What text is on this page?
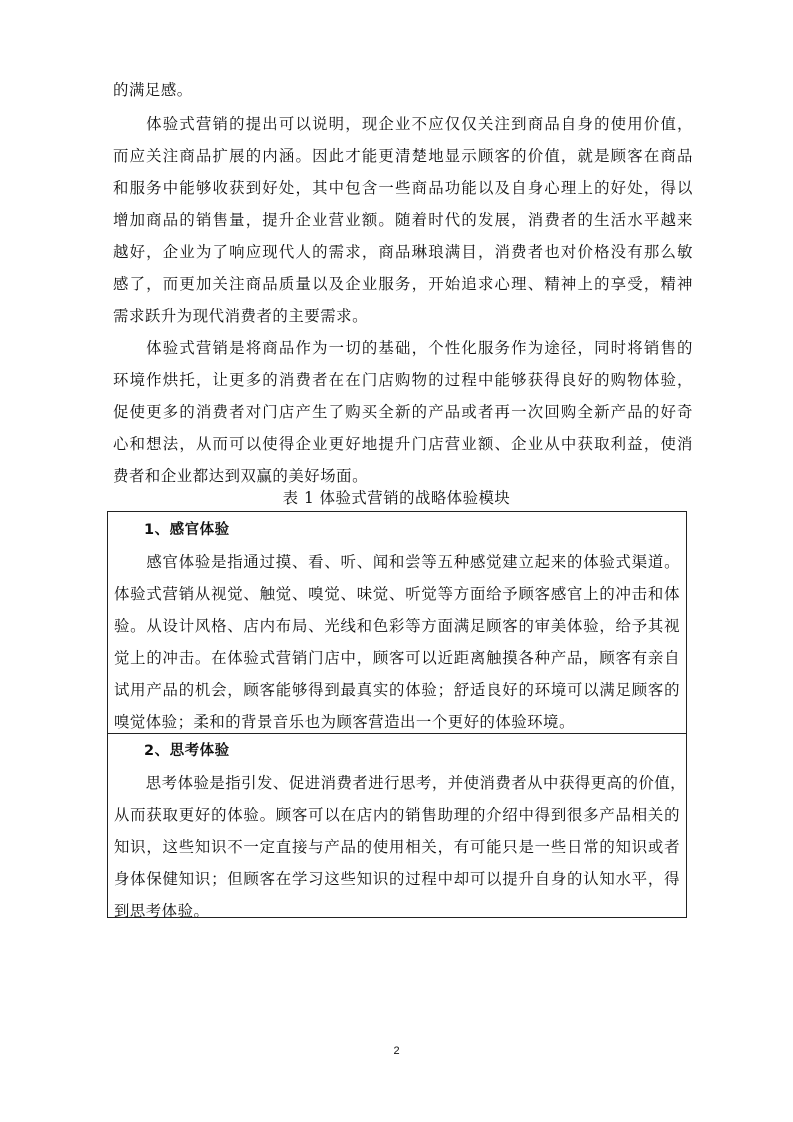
的满足感。
　　体验式营销的提出可以说明，现企业不应仅仅关注到商品自身的使用价值，
而应关注商品扩展的内涵。因此才能更清楚地显示顾客的价值，就是顾客在商品
和服务中能够收获到好处，其中包含一些商品功能以及自身心理上的好处，得以
增加商品的销售量，提升企业营业额。随着时代的发展，消费者的生活水平越来
越好，企业为了响应现代人的需求，商品琳琅满目，消费者也对价格没有那么敏
感了，而更加关注商品质量以及企业服务，开始追求心理、精神上的享受，精神
需求跃升为现代消费者的主要需求。
　　体验式营销是将商品作为一切的基础，个性化服务作为途径，同时将销售的
环境作烘托，让更多的消费者在在门店购物的过程中能够获得良好的购物体验，
促使更多的消费者对门店产生了购买全新的产品或者再一次回购全新产品的好奇
心和想法，从而可以使得企业更好地提升门店营业额、企业从中获取利益，使消
费者和企业都达到双赢的美好场面。
表 1 体验式营销的战略体验模块
1、感官体验
　　感官体验是指通过摸、看、听、闻和尝等五种感觉建立起来的体验式渠道。
体验式营销从视觉、触觉、嗅觉、味觉、听觉等方面给予顾客感官上的冲击和体
验。从设计风格、店内布局、光线和色彩等方面满足顾客的审美体验，给予其视
觉上的冲击。在体验式营销门店中，顾客可以近距离触摸各种产品，顾客有亲自
试用产品的机会，顾客能够得到最真实的体验；舒适良好的环境可以满足顾客的
嗅觉体验；柔和的背景音乐也为顾客营造出一个更好的体验环境。
2、思考体验
　　思考体验是指引发、促进消费者进行思考，并使消费者从中获得更高的价值，
从而获取更好的体验。顾客可以在店内的销售助理的介绍中得到很多产品相关的
知识，这些知识不一定直接与产品的使用相关，有可能只是一些日常的知识或者
身体保健知识；但顾客在学习这些知识的过程中却可以提升自身的认知水平，得
到思考体验。
2
